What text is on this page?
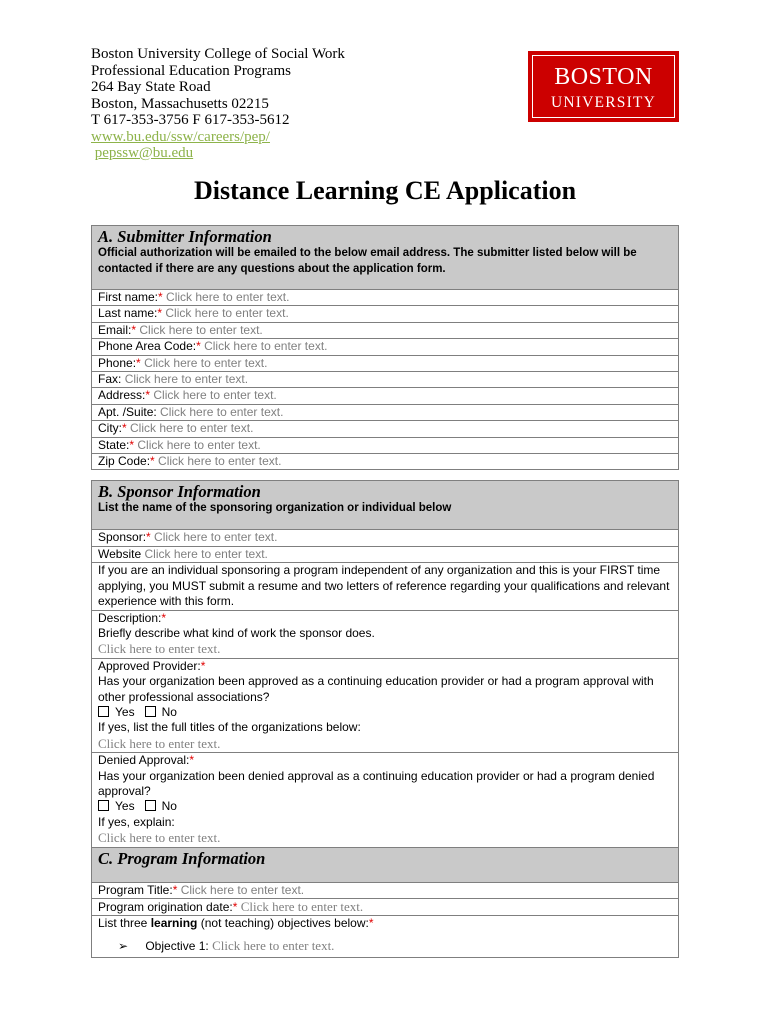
Boston University College of Social Work
Professional Education Programs
264 Bay State Road
Boston, Massachusetts 02215
T 617-353-3756 F 617-353-5612
www.bu.edu/ssw/careers/pep/
pepssw@bu.edu
BOSTON
UNIVERSITY
Distance Learning CE Application
A. Submitter Information
Official authorization will be emailed to the below email address. The submitter listed below will be contacted if there are any questions about the application form.
First name:* Click here to enter text.
Last name:* Click here to enter text.
Email:* Click here to enter text.
Phone Area Code:* Click here to enter text.
Phone:* Click here to enter text.
Fax: Click here to enter text.
Address:* Click here to enter text.
Apt. /Suite: Click here to enter text.
City:* Click here to enter text.
State:* Click here to enter text.
Zip Code:* Click here to enter text.
B. Sponsor Information
List the name of the sponsoring organization or individual below
Sponsor:* Click here to enter text.
Website Click here to enter text.
If you are an individual sponsoring a program independent of any organization and this is your FIRST time applying, you MUST submit a resume and two letters of reference regarding your qualifications and relevant experience with this form.
Description:*
Briefly describe what kind of work the sponsor does.
Click here to enter text.
Approved Provider:*
Has your organization been approved as a continuing education provider or had a program approval with other professional associations?
Yes No
If yes, list the full titles of the organizations below:
Click here to enter text.
Denied Approval:*
Has your organization been denied approval as a continuing education provider or had a program denied approval?
Yes No
If yes, explain:
Click here to enter text.
C. Program Information
Program Title:* Click here to enter text.
Program origination date:* Click here to enter text.
List three learning (not teaching) objectives below:*
➢ Objective 1: Click here to enter text.
